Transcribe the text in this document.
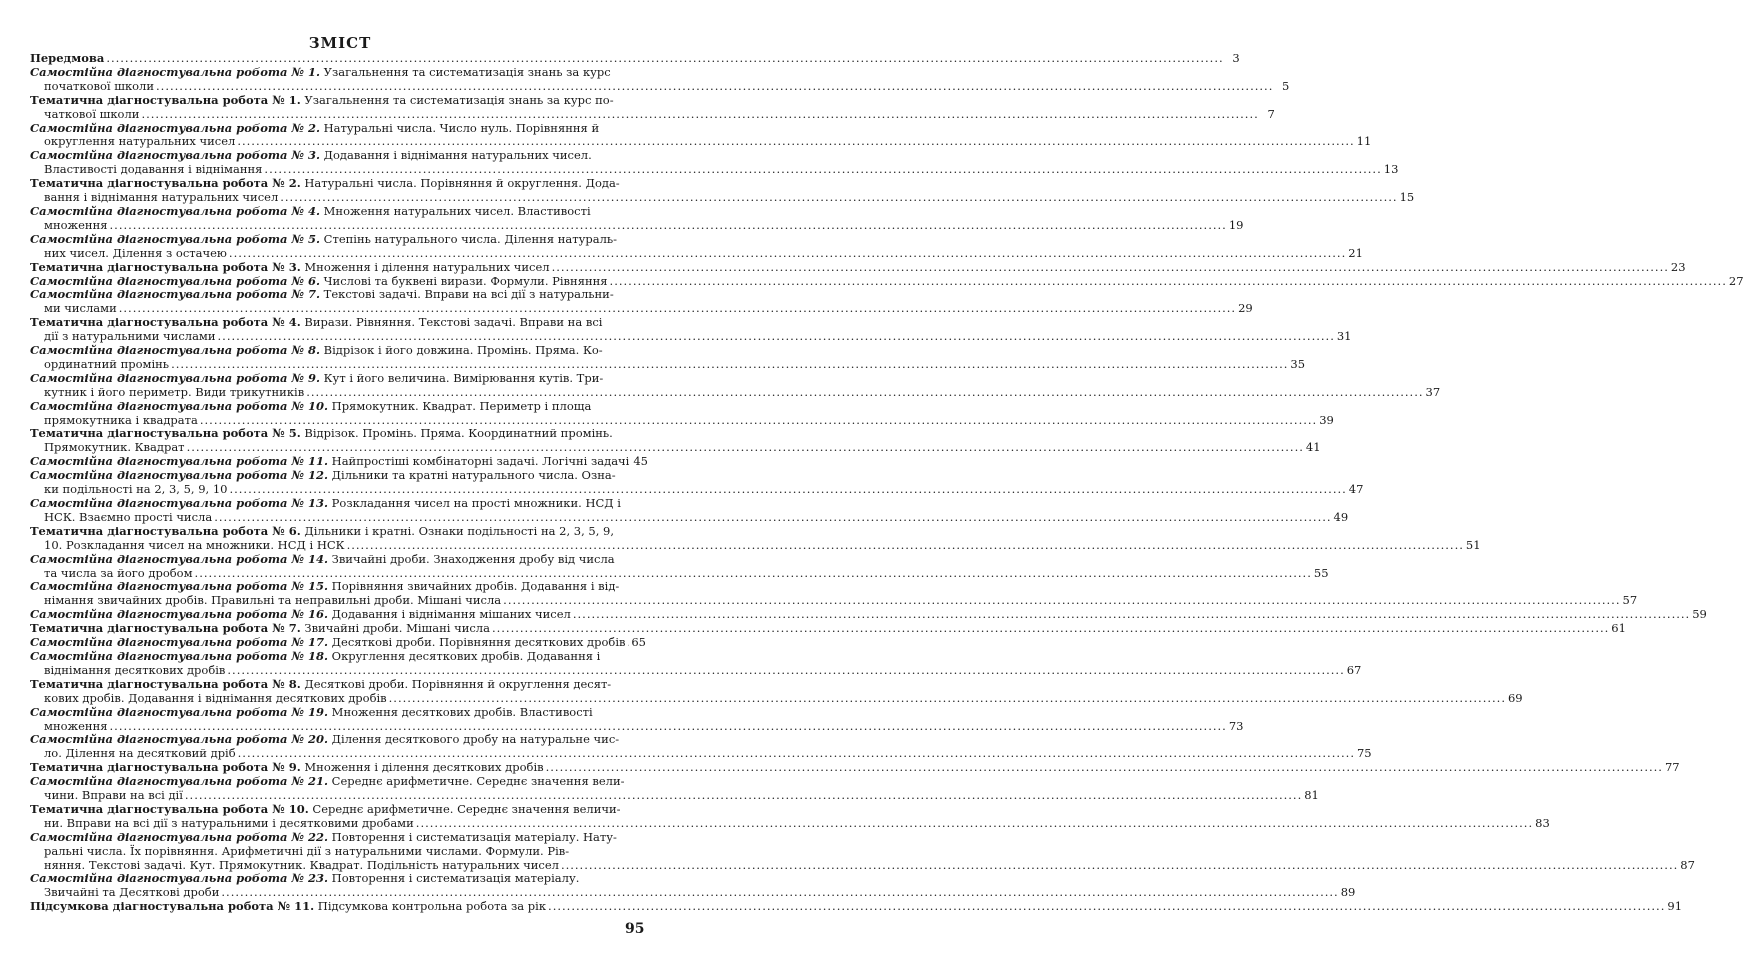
ЗМІСТ
Передмова .....	3
Самостійна діагностувальна робота № 1. Узагальнення та систематизація знань за курс
початкової школи .....	5
Тематична діагностувальна робота № 1. Узагальнення та систематизація знань за курс по-
чаткової школи .....	7
Самостійна діагностувальна робота № 2. Натуральні числа. Число нуль. Порівняння й
округлення натуральних чисел .....	11
Самостійна діагностувальна робота № 3. Додавання і віднімання натуральних чисел.
Властивості додавання і віднімання .....	13
Тематична діагностувальна робота № 2. Натуральні числа. Порівняння й округлення. Дода-
вання і віднімання натуральних чисел .....	15
Самостійна діагностувальна робота № 4. Множення натуральних чисел. Властивості
множення .....	19
Самостійна діагностувальна робота № 5. Степінь натурального числа. Ділення натураль-
них чисел. Ділення з остачею .....	21
Тематична діагностувальна робота № 3. Множення і ділення натуральних чисел .....	23
Самостійна діагностувальна робота № 6. Числові та буквені вирази. Формули. Рівняння .....	27
Самостійна діагностувальна робота № 7. Текстові задачі. Вправи на всі дії з натуральни-
ми числами .....	29
Тематична діагностувальна робота № 4. Вирази. Рівняння. Текстові задачі. Вправи на всі
дії з натуральними числами .....	31
Самостійна діагностувальна робота № 8. Відрізок і його довжина. Промінь. Пряма. Ко-
ординатний промінь .....	35
Самостійна діагностувальна робота № 9. Кут і його величина. Вимірювання кутів. Три-
кутник і його периметр. Види трикутників .....	37
Самостійна діагностувальна робота № 10. Прямокутник. Квадрат. Периметр і площа
прямокутника і квадрата .....	39
Тематична діагностувальна робота № 5. Відрізок. Промінь. Пряма. Координатний промінь.
Прямокутник. Квадрат .....	41
Самостійна діагностувальна робота № 11. Найпростіші комбінаторні задачі. Логічні задачі 45
Самостійна діагностувальна робота № 12. Дільники та кратні натурального числа. Озна-
ки подільності на 2, 3, 5, 9, 10 .....	47
Самостійна діагностувальна робота № 13. Розкладання чисел на прості множники. НСД і
НСК. Взаємно прості числа .....	49
Тематична діагностувальна робота № 6. Дільники і кратні. Ознаки подільності на 2, 3, 5, 9,
10. Розкладання чисел на множники. НСД і НСК .....	51
Самостійна діагностувальна робота № 14. Звичайні дроби. Знаходження дробу від числа
та числа за його дробом .....	55
Самостійна діагностувальна робота № 15. Порівняння звичайних дробів. Додавання і від-
німання звичайних дробів. Правильні та неправильні дроби. Мішані числа .....	57
Самостійна діагностувальна робота № 16. Додавання і віднімання мішаних чисел .....	59
Тематична діагностувальна робота № 7. Звичайні дроби. Мішані числа .....	61
Самостійна діагностувальна робота № 17. Десяткові дроби. Порівняння десяткових дробів ..... 65
Самостійна діагностувальна робота № 18. Округлення десяткових дробів. Додавання і
віднімання десяткових дробів .....	67
Тематична діагностувальна робота № 8. Десяткові дроби. Порівняння й округлення десят-
кових дробів. Додавання і віднімання десяткових дробів .....	69
Самостійна діагностувальна робота № 19. Множення десяткових дробів. Властивості
множення .....	73
Самостійна діагностувальна робота № 20. Ділення десяткового дробу на натуральне чис-
ло. Ділення на десятковий дріб .....	75
Тематична діагностувальна робота № 9. Множення і ділення десяткових дробів .....	77
Самостійна діагностувальна робота № 21. Середнє арифметичне. Середнє значення вели-
чини. Вправи на всі дії .....	81
Тематична діагностувальна робота № 10. Середнє арифметичне. Середнє значення величи-
ни. Вправи на всі дії з натуральними і десятковими дробами .....	83
Самостійна діагностувальна робота № 22. Повторення і систематизація матеріалу. Нату-
ральні числа. Їх порівняння. Арифметичні дії з натуральними числами. Формули. Рів-
няння. Текстові задачі. Кут. Прямокутник. Квадрат. Подільність натуральних чисел .....	87
Самостійна діагностувальна робота № 23. Повторення і систематизація матеріалу.
Звичайні та Десяткові дроби .....	89
Підсумкова діагностувальна робота № 11. Підсумкова контрольна робота за рік .....	91
95
